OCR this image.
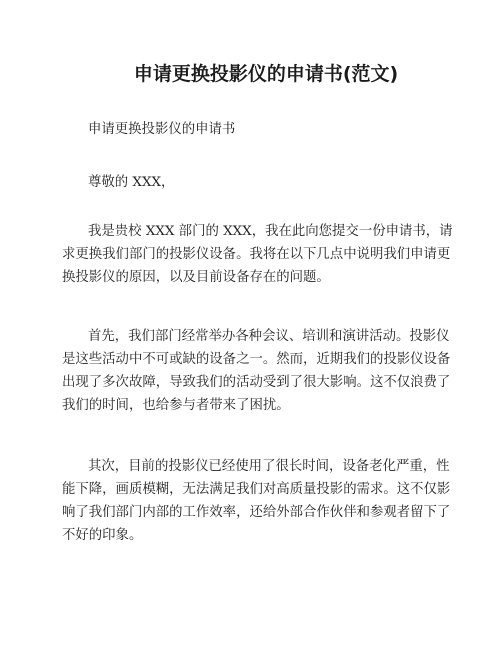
申请更换投影仪的申请书(范文)

申请更换投影仪的申请书

尊敬的 XXX，

我是贵校 XXX 部门的 XXX，我在此向您提交一份申请书，请
求更换我们部门的投影仪设备。我将在以下几点中说明我们申请更
换投影仪的原因，以及目前设备存在的问题。
首先，我们部门经常举办各种会议、培训和演讲活动。投影仪
是这些活动中不可或缺的设备之一。然而，近期我们的投影仪设备
出现了多次故障，导致我们的活动受到了很大影响。这不仅浪费了
我们的时间，也给参与者带来了困扰。
其次，目前的投影仪已经使用了很长时间，设备老化严重，性
能下降，画质模糊，无法满足我们对高质量投影的需求。这不仅影
响了我们部门内部的工作效率，还给外部合作伙伴和参观者留下了
不好的印象。
